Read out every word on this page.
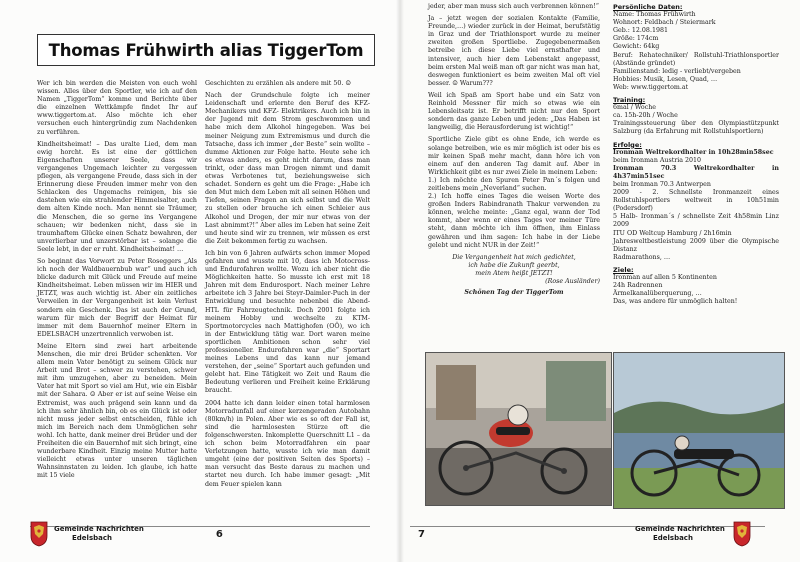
Thomas Frühwirth alias TiggerTom

Wer ich bin werden die Meisten von euch wohl wissen. Alles über den Sportler, wie ich auf den Namen „TiggerTom“ komme und Berichte über die einzelnen Wettkämpfe findet Ihr auf www.tiggertom.at. Also möchte ich eher versuchen euch hintergründig zum Nachdenken zu verführen.

Kindheitsheimat! – Das uralte Lied, dem man ewig horcht. Es ist eine der göttlichen Eigenschaften unserer Seele, dass wir vergangenes Ungemach leichter zu vergessen pflegen, als vergangene Freude, dass sich in der Erinnerung diese Freuden immer mehr von den Schlacken des Ungemachs reinigen, bis sie dastehen wie ein strahlender Himmelsalter, auch dem alten Kinde noch. Man nennt sie Träumer, die Menschen, die so gerne ins Vergangene schauen; wir bedenken nicht, dass sie in traumhaftem Glücke einen Schatz bewahren, der unverlierbar und unzerstörbar ist – solange die Seele lebt, in der er ruht. Kindheitsheimat! …

So beginnt das Vorwort zu Peter Roseggers „Als ich noch der Waldbauernbub war“ und auch ich blicke dadurch mit Glück und Freude auf meine Kindheitsheimat. Leben müssen wir im HIER und JETZT, was auch wichtig ist. Aber ein zeitliches Verweilen in der Vergangenheit ist kein Verlust sondern ein Geschenk. Das ist auch der Grund, warum für mich der Begriff der Heimat für immer mit dem Bauernhof meiner Eltern in EDELSBACH unzertrennlich verwoben ist.

Meine Eltern sind zwei hart arbeitende Menschen, die mir drei Brüder schenkten. Vor allem mein Vater benötigt zu seinem Glück nur Arbeit und Brot – schwer zu verstehen, schwer mit ihm umzugehen, aber zu beneiden. Mein Vater hat mit Sport so viel am Hut, wie ein Eisbär mit der Sahara. ☺ Aber er ist auf seine Weise ein Extremist, was auch prägend sein kann und da ich ihm sehr ähnlich bin, ob es ein Glück ist oder nicht muss jeder selbst entscheiden, fühle ich mich im Bereich nach dem Unmöglichen sehr wohl. Ich hatte, dank meiner drei Brüder und der Freiheiten die ein Bauernhof mit sich bringt, eine wunderbare Kindheit. Einzig meine Mutter hatte vielleicht etwas unter unseren täglichen Wahnsinnstaten zu leiden. Ich glaube, ich hatte mit 15 viele

Geschichten zu erzählen als andere mit 50. ☺

Nach der Grundschule folgte ich meiner Leidenschaft und erlernte den Beruf des KFZ- Mechanikers und KFZ- Elektrikers. Auch ich bin in der Jugend mit dem Strom geschwommen und habe mich dem Alkohol hingegeben. Was bei meiner Neigung zum Extremismus und durch die Tatsache, dass ich immer „der Beste“ sein wollte – dumme Aktionen zur Folge hatte. Heute sehe ich es etwas anders, es geht nicht darum, dass man trinkt, oder dass man Drogen nimmt und damit etwas Verbotenes tut, beziehungsweise sich schadet. Sondern es geht um die Frage: „Habe ich den Mut mich dem Leben mit all seinen Höhen und Tiefen, seinen Fragen an sich selbst und die Welt zu stellen oder brauche ich einen Schleier aus Alkohol und Drogen, der mir nur etwas von der Last abnimmt?!“ Aber alles im Leben hat seine Zeit und heute sind wir zu trennen, wir müssen es erst die Zeit bekommen fertig zu wachsen.

Ich bin von 6 Jahren aufwärts schon immer Moped gefahren und wusste mit 10, dass ich Motocross- und Endurofahren wollte. Wozu ich aber nicht die Möglichkeiten hatte. So musste ich erst mit 18 Jahren mit dem Endurosport. Nach meiner Lehre arbeitete ich 3 Jahre bei Steyr-Daimler-Puch in der Entwicklung und besuchte nebenbei die Abend-HTL für Fahrzeugtechnik. Doch 2001 folgte ich meinem Hobby und wechselte zu KTM-Sportmotorcycles nach Mattighofen (OÖ), wo ich in der Entwicklung tätig war. Dort waren meine sportlichen Ambitionen schon sehr viel professioneller. Endurofahren war „die“ Sportart meines Lebens und das kann nur jemand verstehen, der „seine“ Sportart auch gefunden und gelebt hat. Eine Tätigkeit wo Zeit und Raum die Bedeutung verlieren und Freiheit keine Erklärung braucht.

2004 hatte ich dann leider einen total harmlosen Motorradunfall auf einer kerzengeraden Autobahn (80km/h) in Polen. Aber wie es so oft der Fall ist, sind die harmlosesten Stürze oft die folgenschwersten. Inkomplette Querschnitt L1 – da ich schon beim Motorradfahren ein paar Verletzungen hatte, wusste ich wie man damit umgeht (eine der positiven Seiten des Sports) – man versucht das Beste daraus zu machen und startet neu durch. Ich habe immer gesagt: „Mit dem Feuer spielen kann

Gemeinde Nachrichten
Edelsbach	6

jeder, aber man muss sich auch verbrennen können!“

Ja – jetzt wegen der sozialen Kontakte (Familie, Freunde,…) wieder zurück in der Heimat, berufstätig in Graz und der Triathlonsport wurde zu meiner zweiten großen Sportliebe. Zugegebenermaßen betreibe ich diese Liebe viel ernsthafter und intensiver, auch hier dem Lebenstakt angepasst, beim ersten Mal weiß man oft gar nicht was man hat, deswegen funktioniert es beim zweiten Mal oft viel besser. ☺ Warum???

Weil ich Spaß am Sport habe und ein Satz von Reinhold Messner für mich so etwas wie ein Lebensleitsatz ist. Er betrifft nicht nur den Sport sondern das ganze Leben und jeden: „Das Haben ist langweilig, die Herausforderung ist wichtig!“

Sportliche Ziele gibt es ohne Ende, ich werde es solange betreiben, wie es mir möglich ist oder bis es mir keinen Spaß mehr macht, dann höre ich von einem auf den anderen Tag damit auf. Aber in Wirklichkeit gibt es nur zwei Ziele in meinem Leben:

1.) Ich möchte den Spuren Peter Pan´s folgen und zeitlebens mein „Neverland“ suchen.

2.) Ich hoffe eines Tages die weisen Worte des großen Inders Rabindranath Thakur verwenden zu können, welche meinte: „Ganz egal, wann der Tod kommt, aber wenn er eines Tages vor meiner Türe steht, dann möchte ich ihm öffnen, ihm Einlass gewähren und ihm sagen: Ich habe in der Liebe gelebt und nicht NUR in der Zeit!“

Die Vergangenheit hat mich gedichtet,
ich habe die Zukunft geerbt,
mein Atem heißt JETZT!
(Rose Ausländer)
Schönen Tag der TiggerTom
Persönliche Daten:
Name: Thomas Frühwirth
Wohnort: Feldbach / Steiermark
Geb.: 12.08.1981
Größe: 174cm
Gewicht: 64kg
Beruf: Rehatechniker/ Rollstuhl-Triathlonsportler (Abstände gründet)
Familienstand: ledig - verliebt/vergeben
Hobbies: Musik, Lesen, Quad, …
Web: www.tiggertom.at
Training:
6mal / Woche
ca. 15h-20h / Woche
Trainingssteuerung über den Olympiastützpunkt Salzburg (da Erfahrung mit Rollstuhlsportlern)
Erfolge:
Ironman Weltrekordhalter in 10h28min58sec
beim Ironman Austria 2010
Ironman 70.3 Weltrekordhalter in 4h37min51sec
beim Ironman 70.3 Antwerpen
2009 - 2. Schnellste Ironmanzeit eines Rollstuhlsportlers weltweit in 10h51min (Podersdorf)
5 Halb- Ironman´s / schnellste Zeit 4h58min Linz 2009
ITU OD Weltcup Hamburg / 2h16min
Jahresweltbestleistung 2009 über die Olympische Distanz
Radmarathons, …
Ziele:
Ironman auf allen 5 Kontinenten
24h Radrennen
Ärmelkanalüberquerung, …
Das, was andere für unmöglich halten!
7	Gemeinde Nachrichten
Edelsbach
